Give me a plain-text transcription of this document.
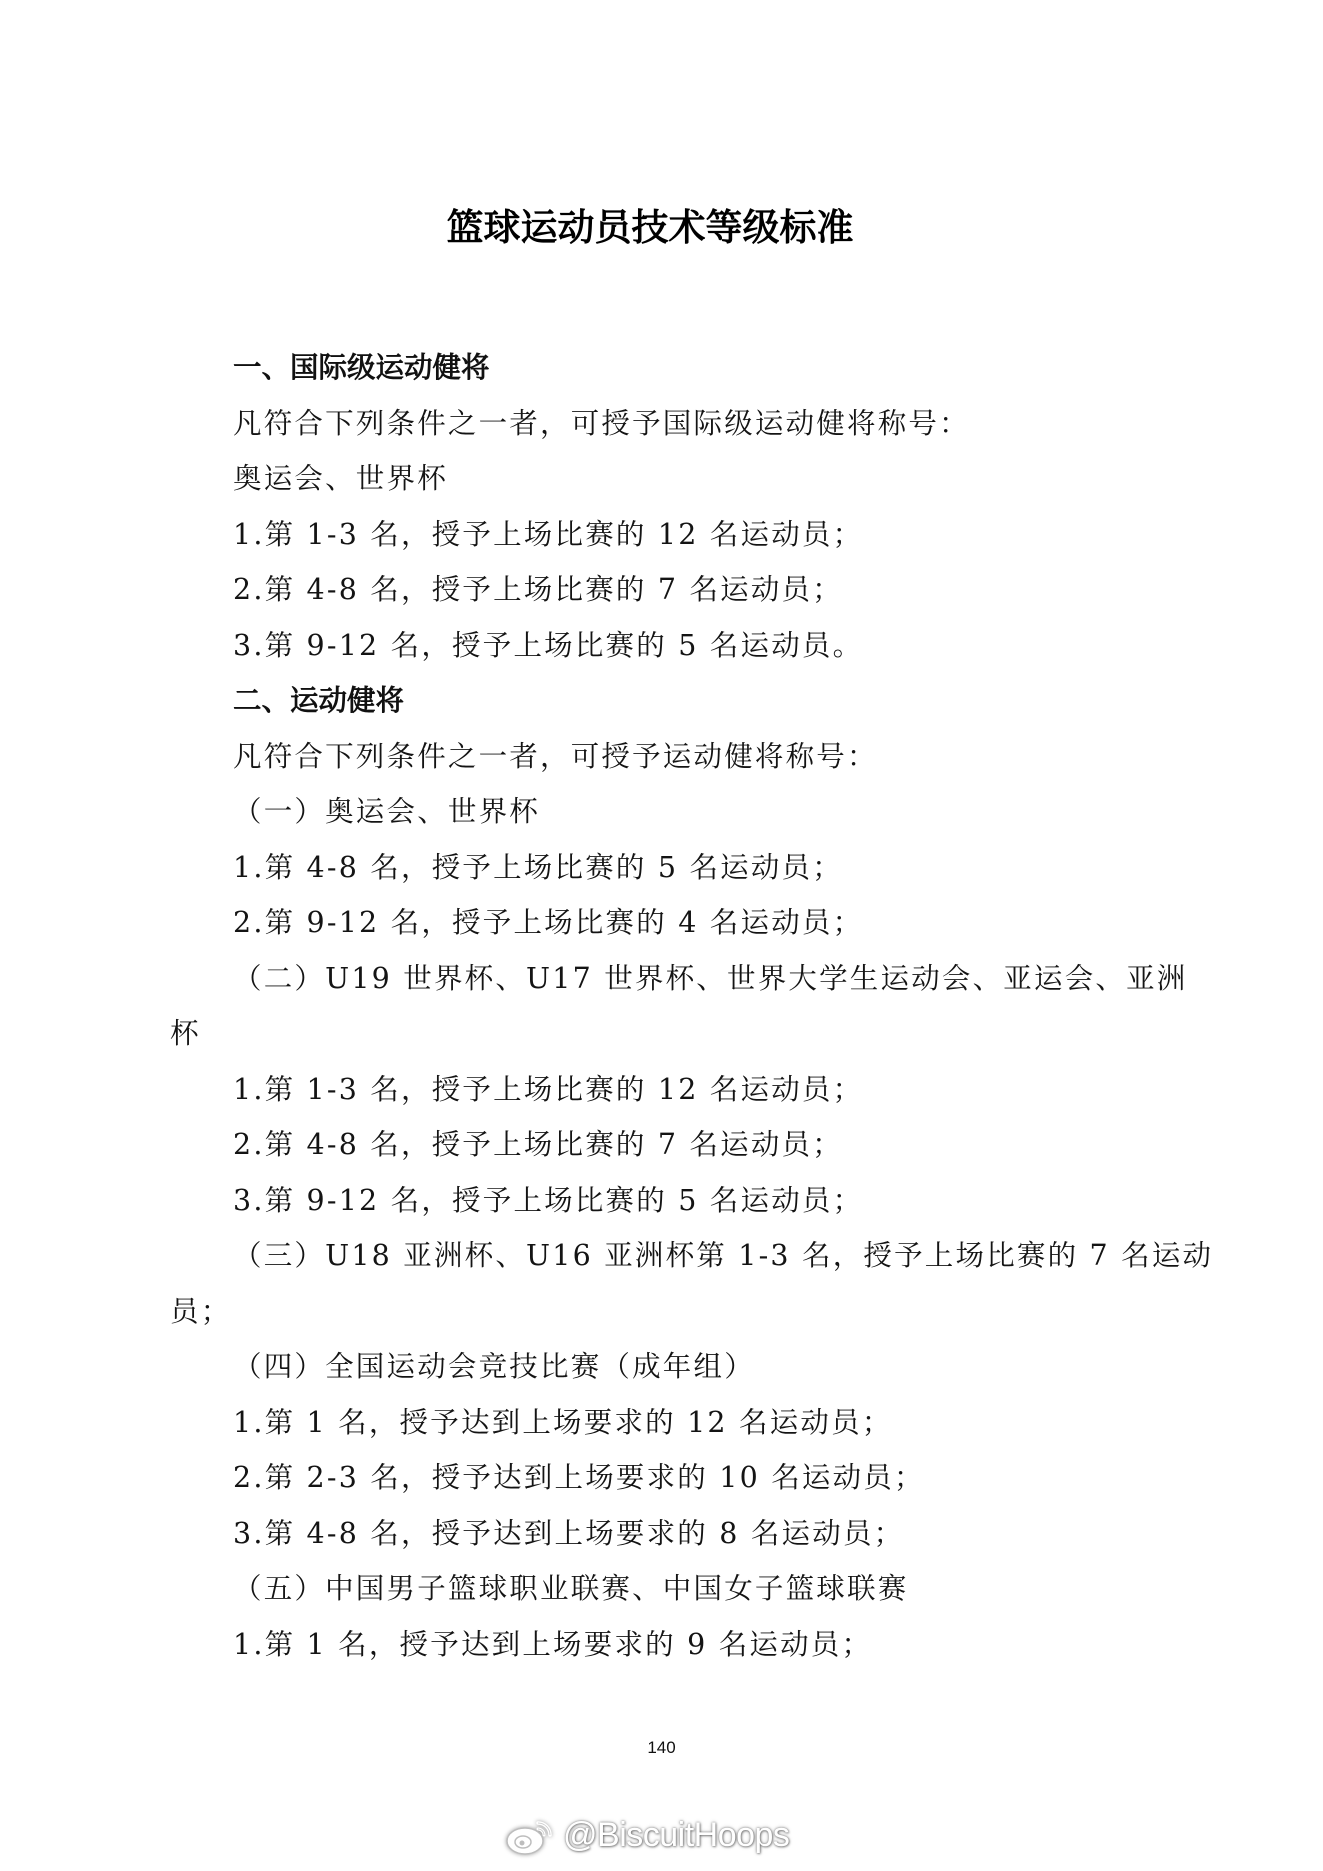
篮球运动员技术等级标准
一、国际级运动健将
凡符合下列条件之一者，可授予国际级运动健将称号：
奥运会、世界杯
1.第 1-3 名，授予上场比赛的 12 名运动员；
2.第 4-8 名，授予上场比赛的 7 名运动员；
3.第 9-12 名，授予上场比赛的 5 名运动员。
二、运动健将
凡符合下列条件之一者，可授予运动健将称号：
（一）奥运会、世界杯
1.第 4-8 名，授予上场比赛的 5 名运动员；
2.第 9-12 名，授予上场比赛的 4 名运动员；
（二）U19 世界杯、U17 世界杯、世界大学生运动会、亚运会、亚洲
杯
1.第 1-3 名，授予上场比赛的 12 名运动员；
2.第 4-8 名，授予上场比赛的 7 名运动员；
3.第 9-12 名，授予上场比赛的 5 名运动员；
（三）U18 亚洲杯、U16 亚洲杯第 1-3 名，授予上场比赛的 7 名运动
员；
（四）全国运动会竞技比赛（成年组）
1.第 1 名，授予达到上场要求的 12 名运动员；
2.第 2-3 名，授予达到上场要求的 10 名运动员；
3.第 4-8 名，授予达到上场要求的 8 名运动员；
（五）中国男子篮球职业联赛、中国女子篮球联赛
1.第 1 名，授予达到上场要求的 9 名运动员；
140
@BiscuitHoops
